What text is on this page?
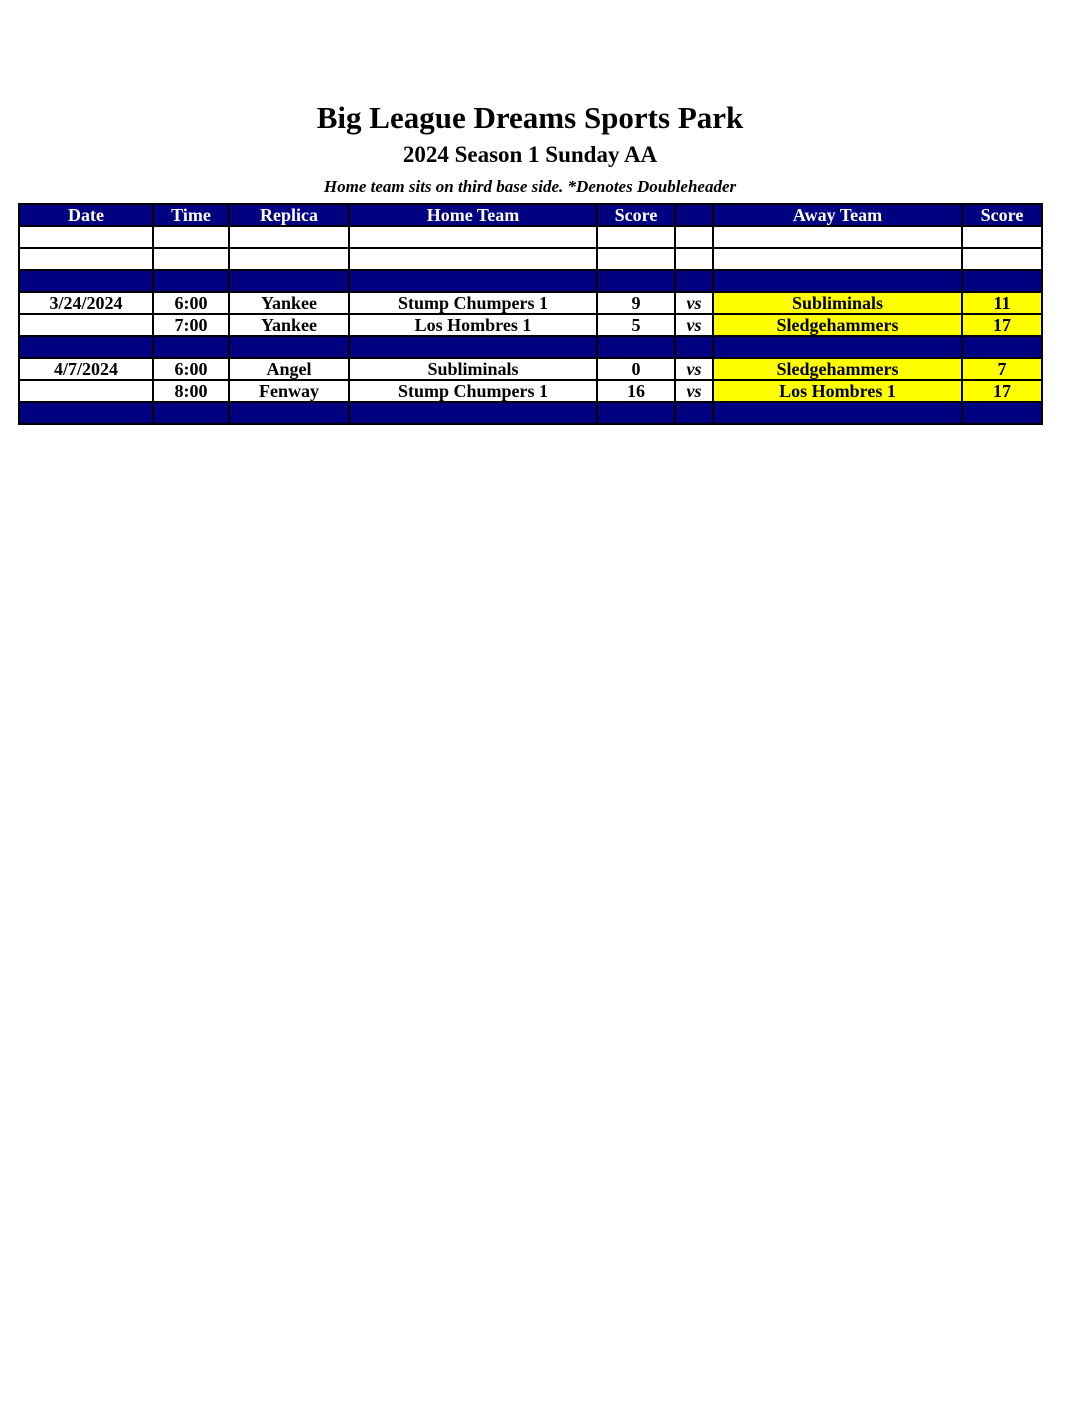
Big League Dreams Sports Park
2024 Season 1 Sunday AA
Home team sits on third base side. *Denotes Doubleheader
Date	Time	Replica	Home Team	Score		Away Team	Score

3/24/2024	6:00	Yankee	Stump Chumpers 1	9	vs	Subliminals	11
	7:00	Yankee	Los Hombres 1	5	vs	Sledgehammers	17

4/7/2024	6:00	Angel	Subliminals	0	vs	Sledgehammers	7
	8:00	Fenway	Stump Chumpers 1	16	vs	Los Hombres 1	17
